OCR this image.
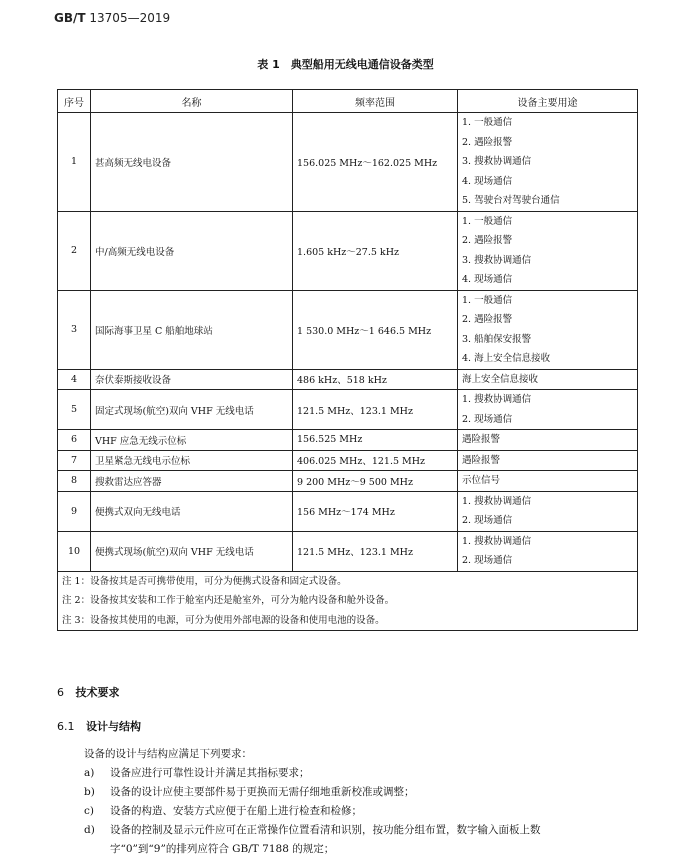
GB/T 13705—2019
表 1　典型船用无线电通信设备类型
序号	名称	频率范围	设备主要用途
1	甚高频无线电设备	156.025 MHz～162.025 MHz	1. 一般通信
2. 遇险报警
3. 搜救协调通信
4. 现场通信
5. 驾驶台对驾驶台通信

2	中/高频无线电设备	1.605 kHz～27.5 kHz	1. 一般通信
2. 遇险报警
3. 搜救协调通信
4. 现场通信

3	国际海事卫星 C 船舶地球站	1 530.0 MHz～1 646.5 MHz	1. 一般通信
2. 遇险报警
3. 船舶保安报警
4. 海上安全信息接收

4	奈伏泰斯接收设备	486 kHz、518 kHz	海上安全信息接收

5	固定式现场(航空)双向 VHF 无线电话	121.5 MHz、123.1 MHz	1. 搜救协调通信
2. 现场通信

6	VHF 应急无线示位标	156.525 MHz	遇险报警

7	卫星紧急无线电示位标	406.025 MHz、121.5 MHz	遇险报警

8	搜救雷达应答器	9 200 MHz～9 500 MHz	示位信号

9	便携式双向无线电话	156 MHz～174 MHz	1. 搜救协调通信
2. 现场通信

10	便携式现场(航空)双向 VHF 无线电话	121.5 MHz、123.1 MHz	1. 搜救协调通信
2. 现场通信

注 1：设备按其是否可携带使用，可分为便携式设备和固定式设备。
注 2：设备按其安装和工作于舱室内还是舱室外，可分为舱内设备和舱外设备。
注 3：设备按其使用的电源，可分为使用外部电源的设备和使用电池的设备。			
6 技术要求
6.1 设计与结构
设备的设计与结构应满足下列要求：
a) 设备应进行可靠性设计并满足其指标要求；
b) 设备的设计应使主要部件易于更换而无需仔细地重新校准或调整；
c) 设备的构造、安装方式应便于在船上进行检查和检修；
d) 设备的控制及显示元件应可在正常操作位置看清和识别，按功能分组布置，数字输入面板上数
字“0”到“9”的排列应符合 GB/T 7188 的规定；
